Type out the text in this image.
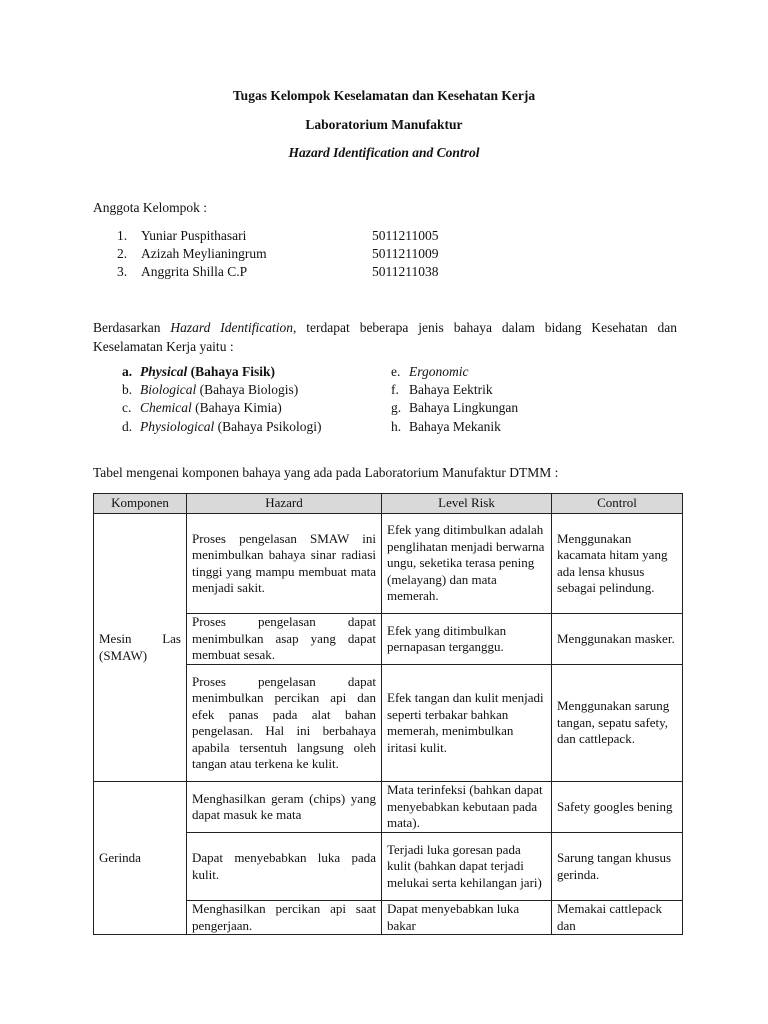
Tugas Kelompok Keselamatan dan Kesehatan Kerja
Laboratorium Manufaktur
Hazard Identification and Control
Anggota Kelompok :
1. Yuniar Puspithasari	5011211005
2. Azizah Meylianingrum	5011211009
3. Anggrita Shilla C.P	5011211038
Berdasarkan Hazard Identification, terdapat beberapa jenis bahaya dalam bidang Kesehatan dan Keselamatan Kerja yaitu :
a. Physical (Bahaya Fisik)
b. Biological (Bahaya Biologis)
c. Chemical (Bahaya Kimia)
d. Physiological (Bahaya Psikologi)
e. Ergonomic
f. Bahaya Eektrik
g. Bahaya Lingkungan
h. Bahaya Mekanik
Tabel mengenai komponen bahaya yang ada pada Laboratorium Manufaktur DTMM :
Komponen	Hazard	Level Risk	Control
Mesin Las (SMAW)	Proses pengelasan SMAW ini menimbulkan bahaya sinar radiasi tinggi yang mampu membuat mata menjadi sakit.	Efek yang ditimbulkan adalah penglihatan menjadi berwarna ungu, seketika terasa pening (melayang) dan mata memerah.	Menggunakan kacamata hitam yang ada lensa khusus sebagai pelindung.
	Proses pengelasan dapat menimbulkan asap yang dapat membuat sesak.	Efek yang ditimbulkan pernapasan terganggu.	Menggunakan masker.
	Proses pengelasan dapat menimbulkan percikan api dan efek panas pada alat bahan pengelasan. Hal ini berbahaya apabila tersentuh langsung oleh tangan atau terkena ke kulit.	Efek tangan dan kulit menjadi seperti terbakar bahkan memerah, menimbulkan iritasi kulit.	Menggunakan sarung tangan, sepatu safety, dan cattlepack.
Gerinda	Menghasilkan geram (chips) yang dapat masuk ke mata	Mata terinfeksi (bahkan dapat menyebabkan kebutaan pada mata).	Safety googles bening
	Dapat menyebabkan luka pada kulit.	Terjadi luka goresan pada kulit (bahkan dapat terjadi melukai serta kehilangan jari)	Sarung tangan khusus gerinda.
	Menghasilkan percikan api saat pengerjaan.	Dapat menyebabkan luka bakar	Memakai cattlepack dan
